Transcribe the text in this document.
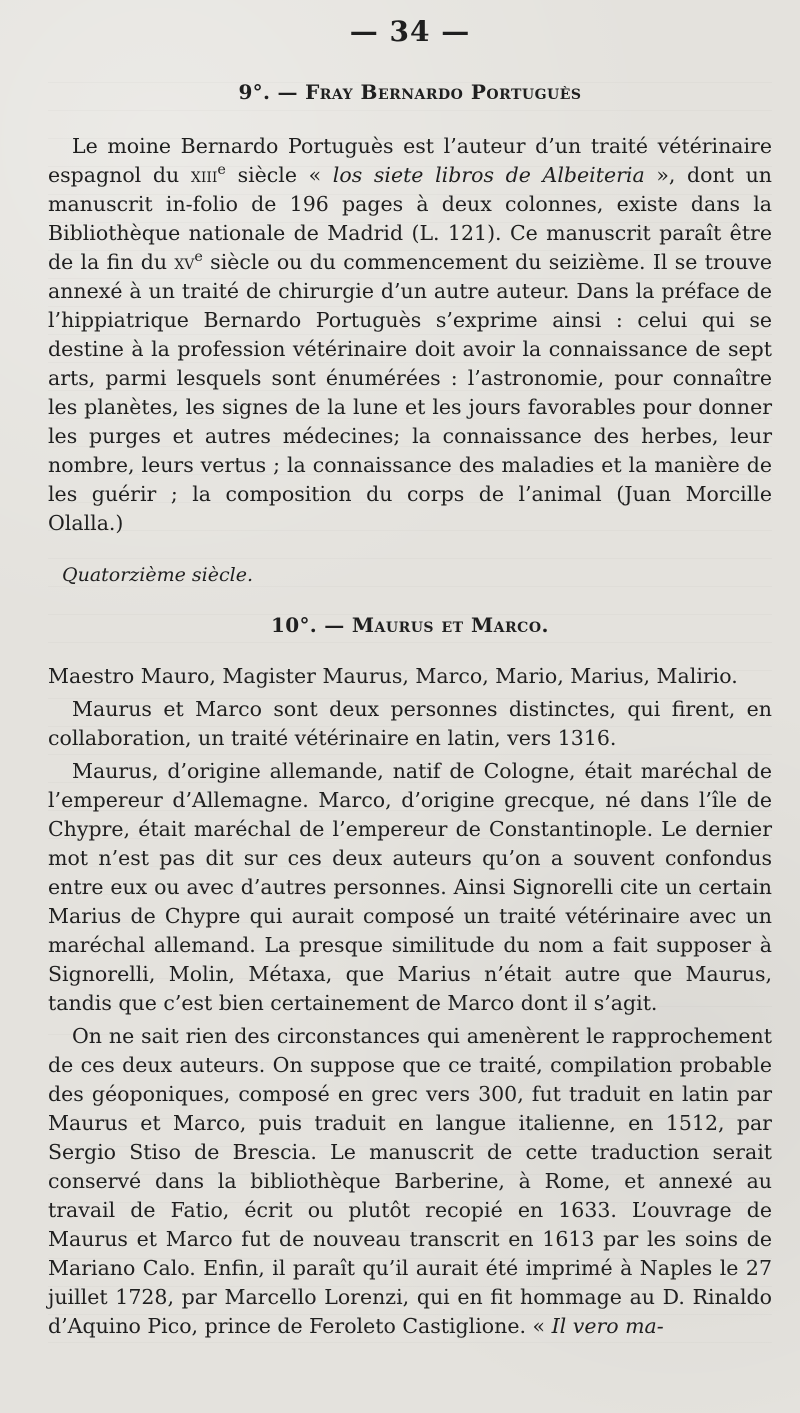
— 34 —
9°. — Fray Bernardo Portuguès

Le moine Bernardo Portuguès est l’auteur d’un traité vétérinaire espagnol du xiii$^e$ siècle « los siete libros de Albeiteria », dont un manuscrit in-folio de 196 pages à deux colonnes, existe dans la Bibliothèque nationale de Madrid (L. 121). Ce manuscrit paraît être de la fin du $xv^e$ siècle ou du commencement du seizième. Il se trouve annexé à un traité de chirurgie d’un autre auteur. Dans la préface de l’hippiatrique Bernardo Portuguès s’exprime ainsi : celui qui se destine à la profession vétérinaire doit avoir la connaissance de sept arts, parmi lesquels sont énumérées : l’astronomie, pour connaître les planètes, les signes de la lune et les jours favorables pour donner les purges et autres médecines; la connaissance des herbes, leur nombre, leurs vertus ; la connaissance des maladies et la manière de les guérir ; la composition du corps de l’animal (Juan Morcille Olalla.)

Quatorzième siècle.
10°. — Maurus et Marco.

Maestro Mauro, Magister Maurus, Marco, Mario, Marius, Malirio.

Maurus et Marco sont deux personnes distinctes, qui firent, en collaboration, un traité vétérinaire en latin, vers 1316.

Maurus, d’origine allemande, natif de Cologne, était maréchal de l’empereur d’Allemagne. Marco, d’origine grecque, né dans l’île de Chypre, était maréchal de l’empereur de Constantinople. Le dernier mot n’est pas dit sur ces deux auteurs qu’on a souvent confondus entre eux ou avec d’autres personnes. Ainsi Signorelli cite un certain Marius de Chypre qui aurait composé un traité vétérinaire avec un maréchal allemand. La presque similitude du nom a fait supposer à Signorelli, Molin, Métaxa, que Marius n’était autre que Maurus, tandis que c’est bien certainement de Marco dont il s’agit.

On ne sait rien des circonstances qui amenèrent le rapprochement de ces deux auteurs. On suppose que ce traité, compilation probable des géoponiques, composé en grec vers 300, fut traduit en latin par Maurus et Marco, puis traduit en langue italienne, en 1512, par Sergio Stiso de Brescia. Le manuscrit de cette traduction serait conservé dans la bibliothèque Barberine, à Rome, et annexé au travail de Fatio, écrit ou plutôt recopié en 1633. L’ouvrage de Maurus et Marco fut de nouveau transcrit en 1613 par les soins de Mariano Calo. Enfin, il paraît qu’il aurait été imprimé à Naples le 27 juillet 1728, par Marcello Lorenzi, qui en fit hommage au D. Rinaldo d’Aquino Pico, prince de Feroleto Castiglione. « Il vero ma-
